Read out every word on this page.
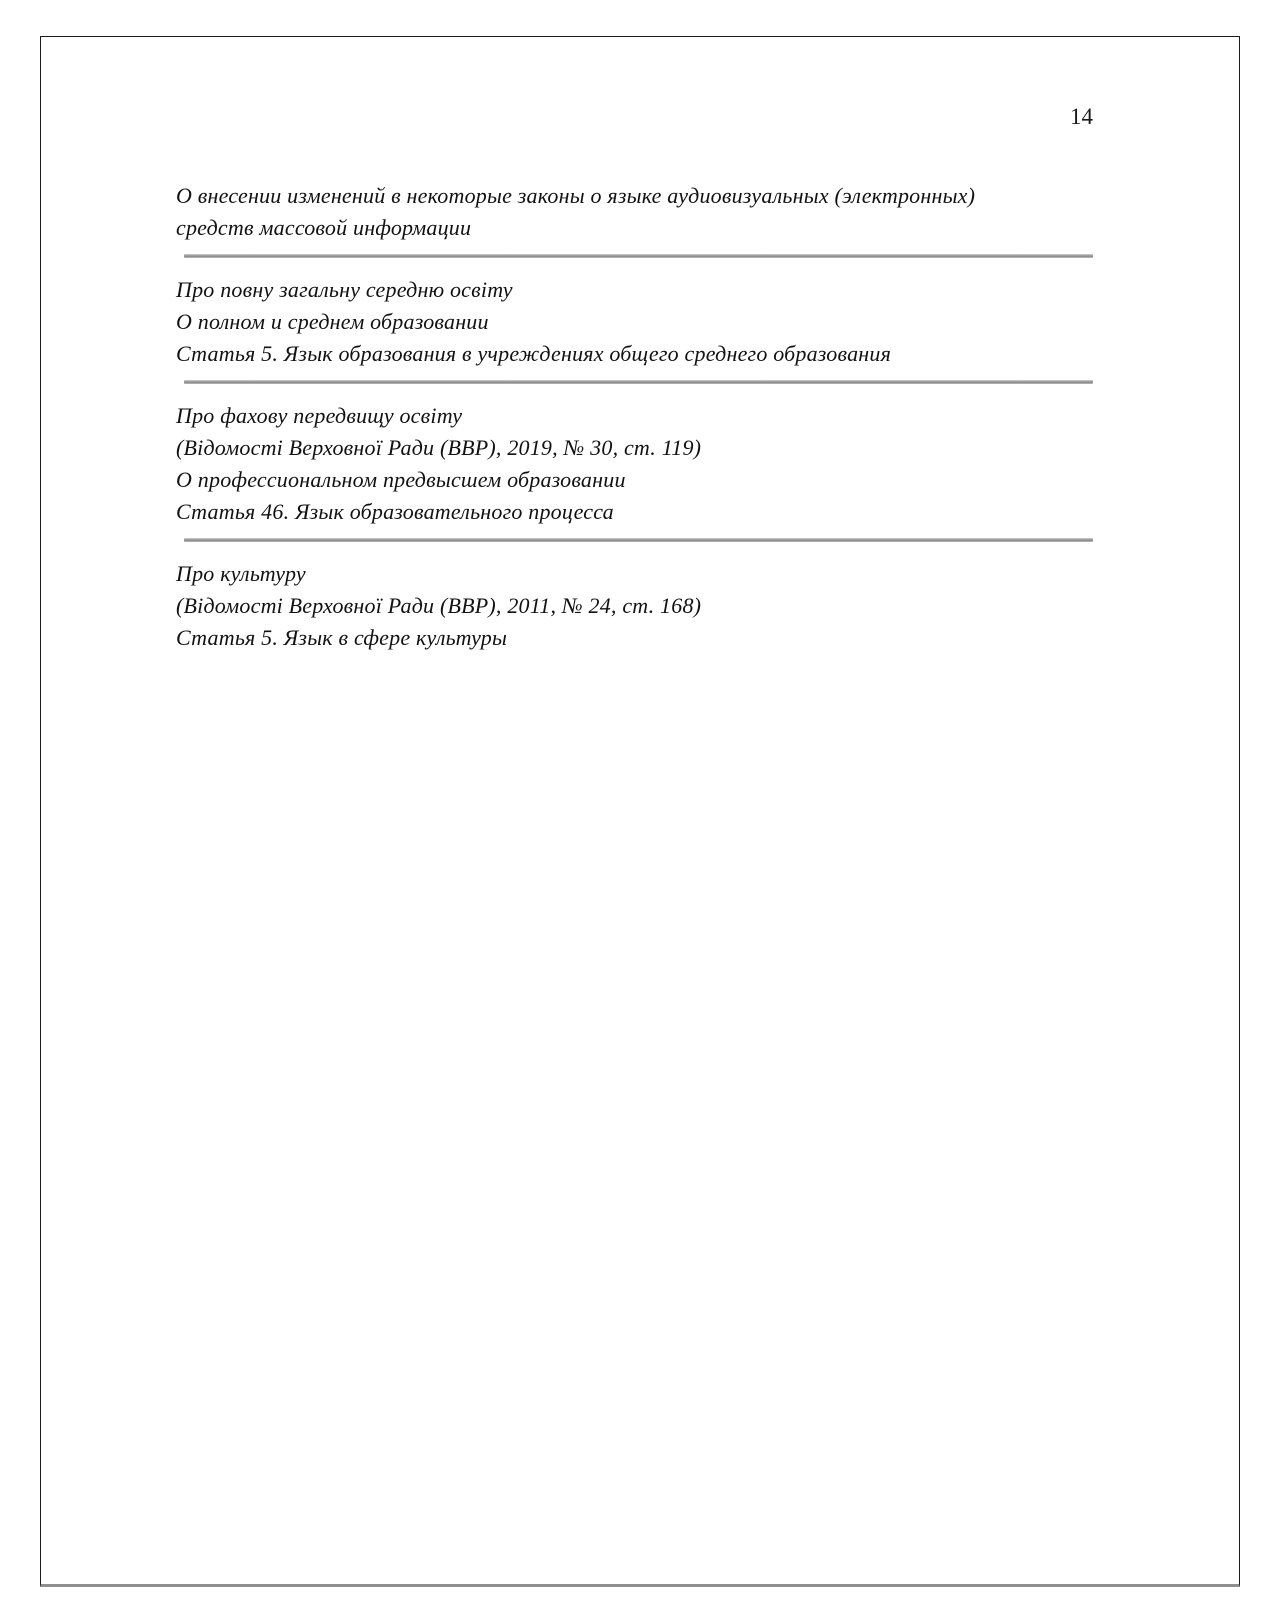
14

О внесении изменений в некоторые законы о языке аудиовизуальных (электронных)

средств массовой информации

Про повну загальну середню освіту

О полном и среднем образовании

Статья 5. Язык образования в учреждениях общего среднего образования

Про фахову передвищу освіту

(Відомості Верховної Ради (ВВР), 2019, № 30, ст. 119)

О профессиональном предвысшем образовании

Статья 46. Язык образовательного процесса

Про культуру

(Відомості Верховної Ради (ВВР), 2011, № 24, ст. 168)

Статья 5. Язык в сфере культуры
